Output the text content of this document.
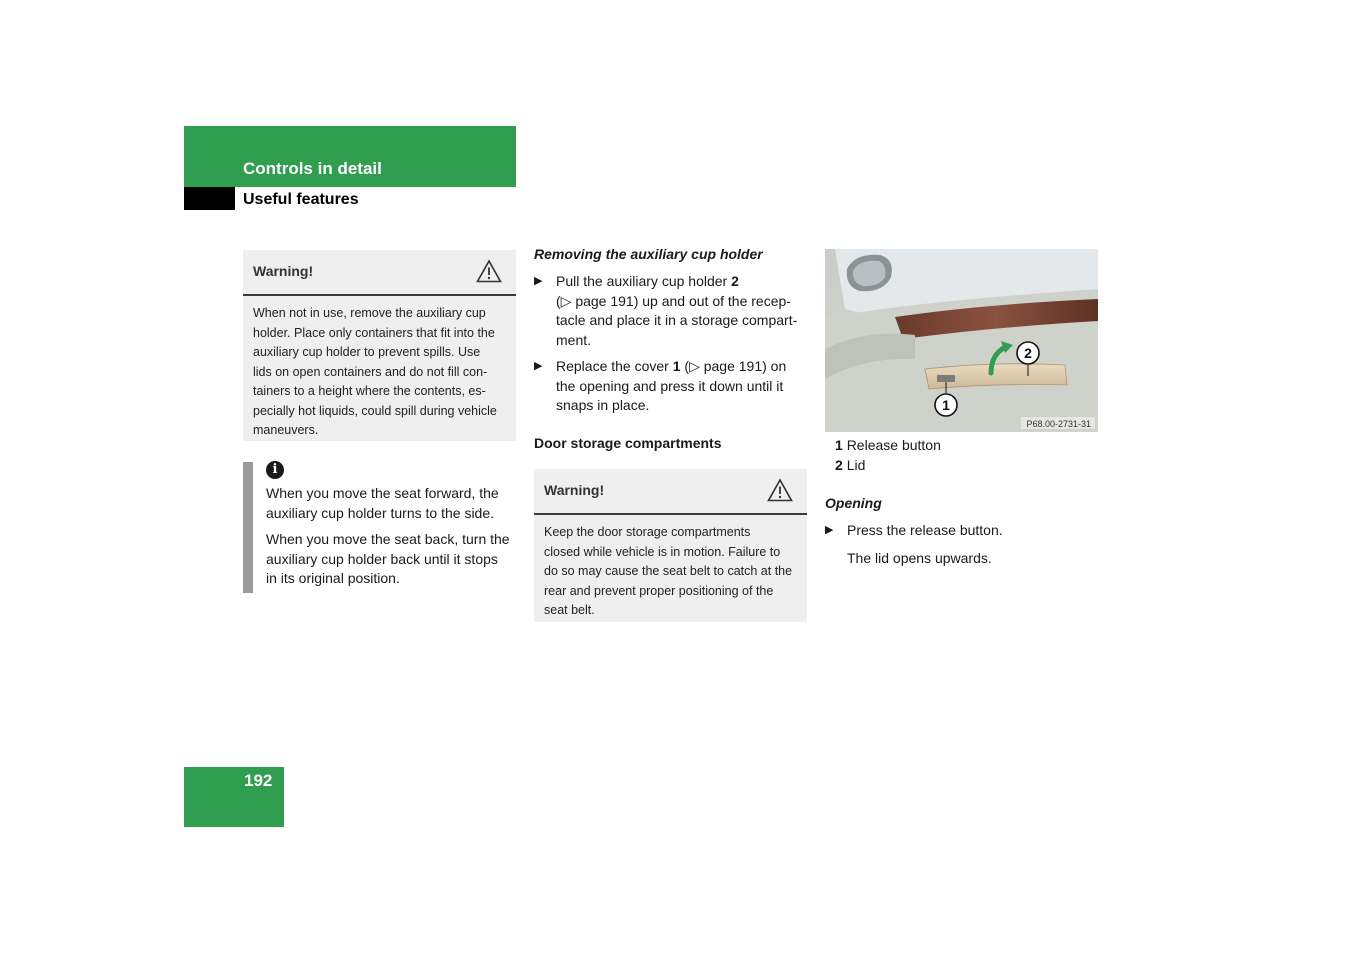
Controls in detail
Useful features
Warning!
When not in use, remove the auxiliary cup
holder. Place only containers that fit into the
auxiliary cup holder to prevent spills. Use
lids on open containers and do not fill con-
tainers to a height where the contents, es-
pecially hot liquids, could spill during vehicle
maneuvers.
i

When you move the seat forward, the
auxiliary cup holder turns to the side.

When you move the seat back, turn the
auxiliary cup holder back until it stops
in its original position.

Removing the auxiliary cup holder
▶ Pull the auxiliary cup holder 2
(▷ page 191) up and out of the recep-
tacle and place it in a storage compart-
ment.
▶ Replace the cover 1 (▷ page 191) on
the opening and press it down until it
snaps in place.
Door storage compartments
Warning!
Keep the door storage compartments
closed while vehicle is in motion. Failure to
do so may cause the seat belt to catch at the
rear and prevent proper positioning of the
seat belt.
2
1
P68.00-2731-31
1 Release button
2 Lid
Opening
▶ Press the release button.
The lid opens upwards.
192
